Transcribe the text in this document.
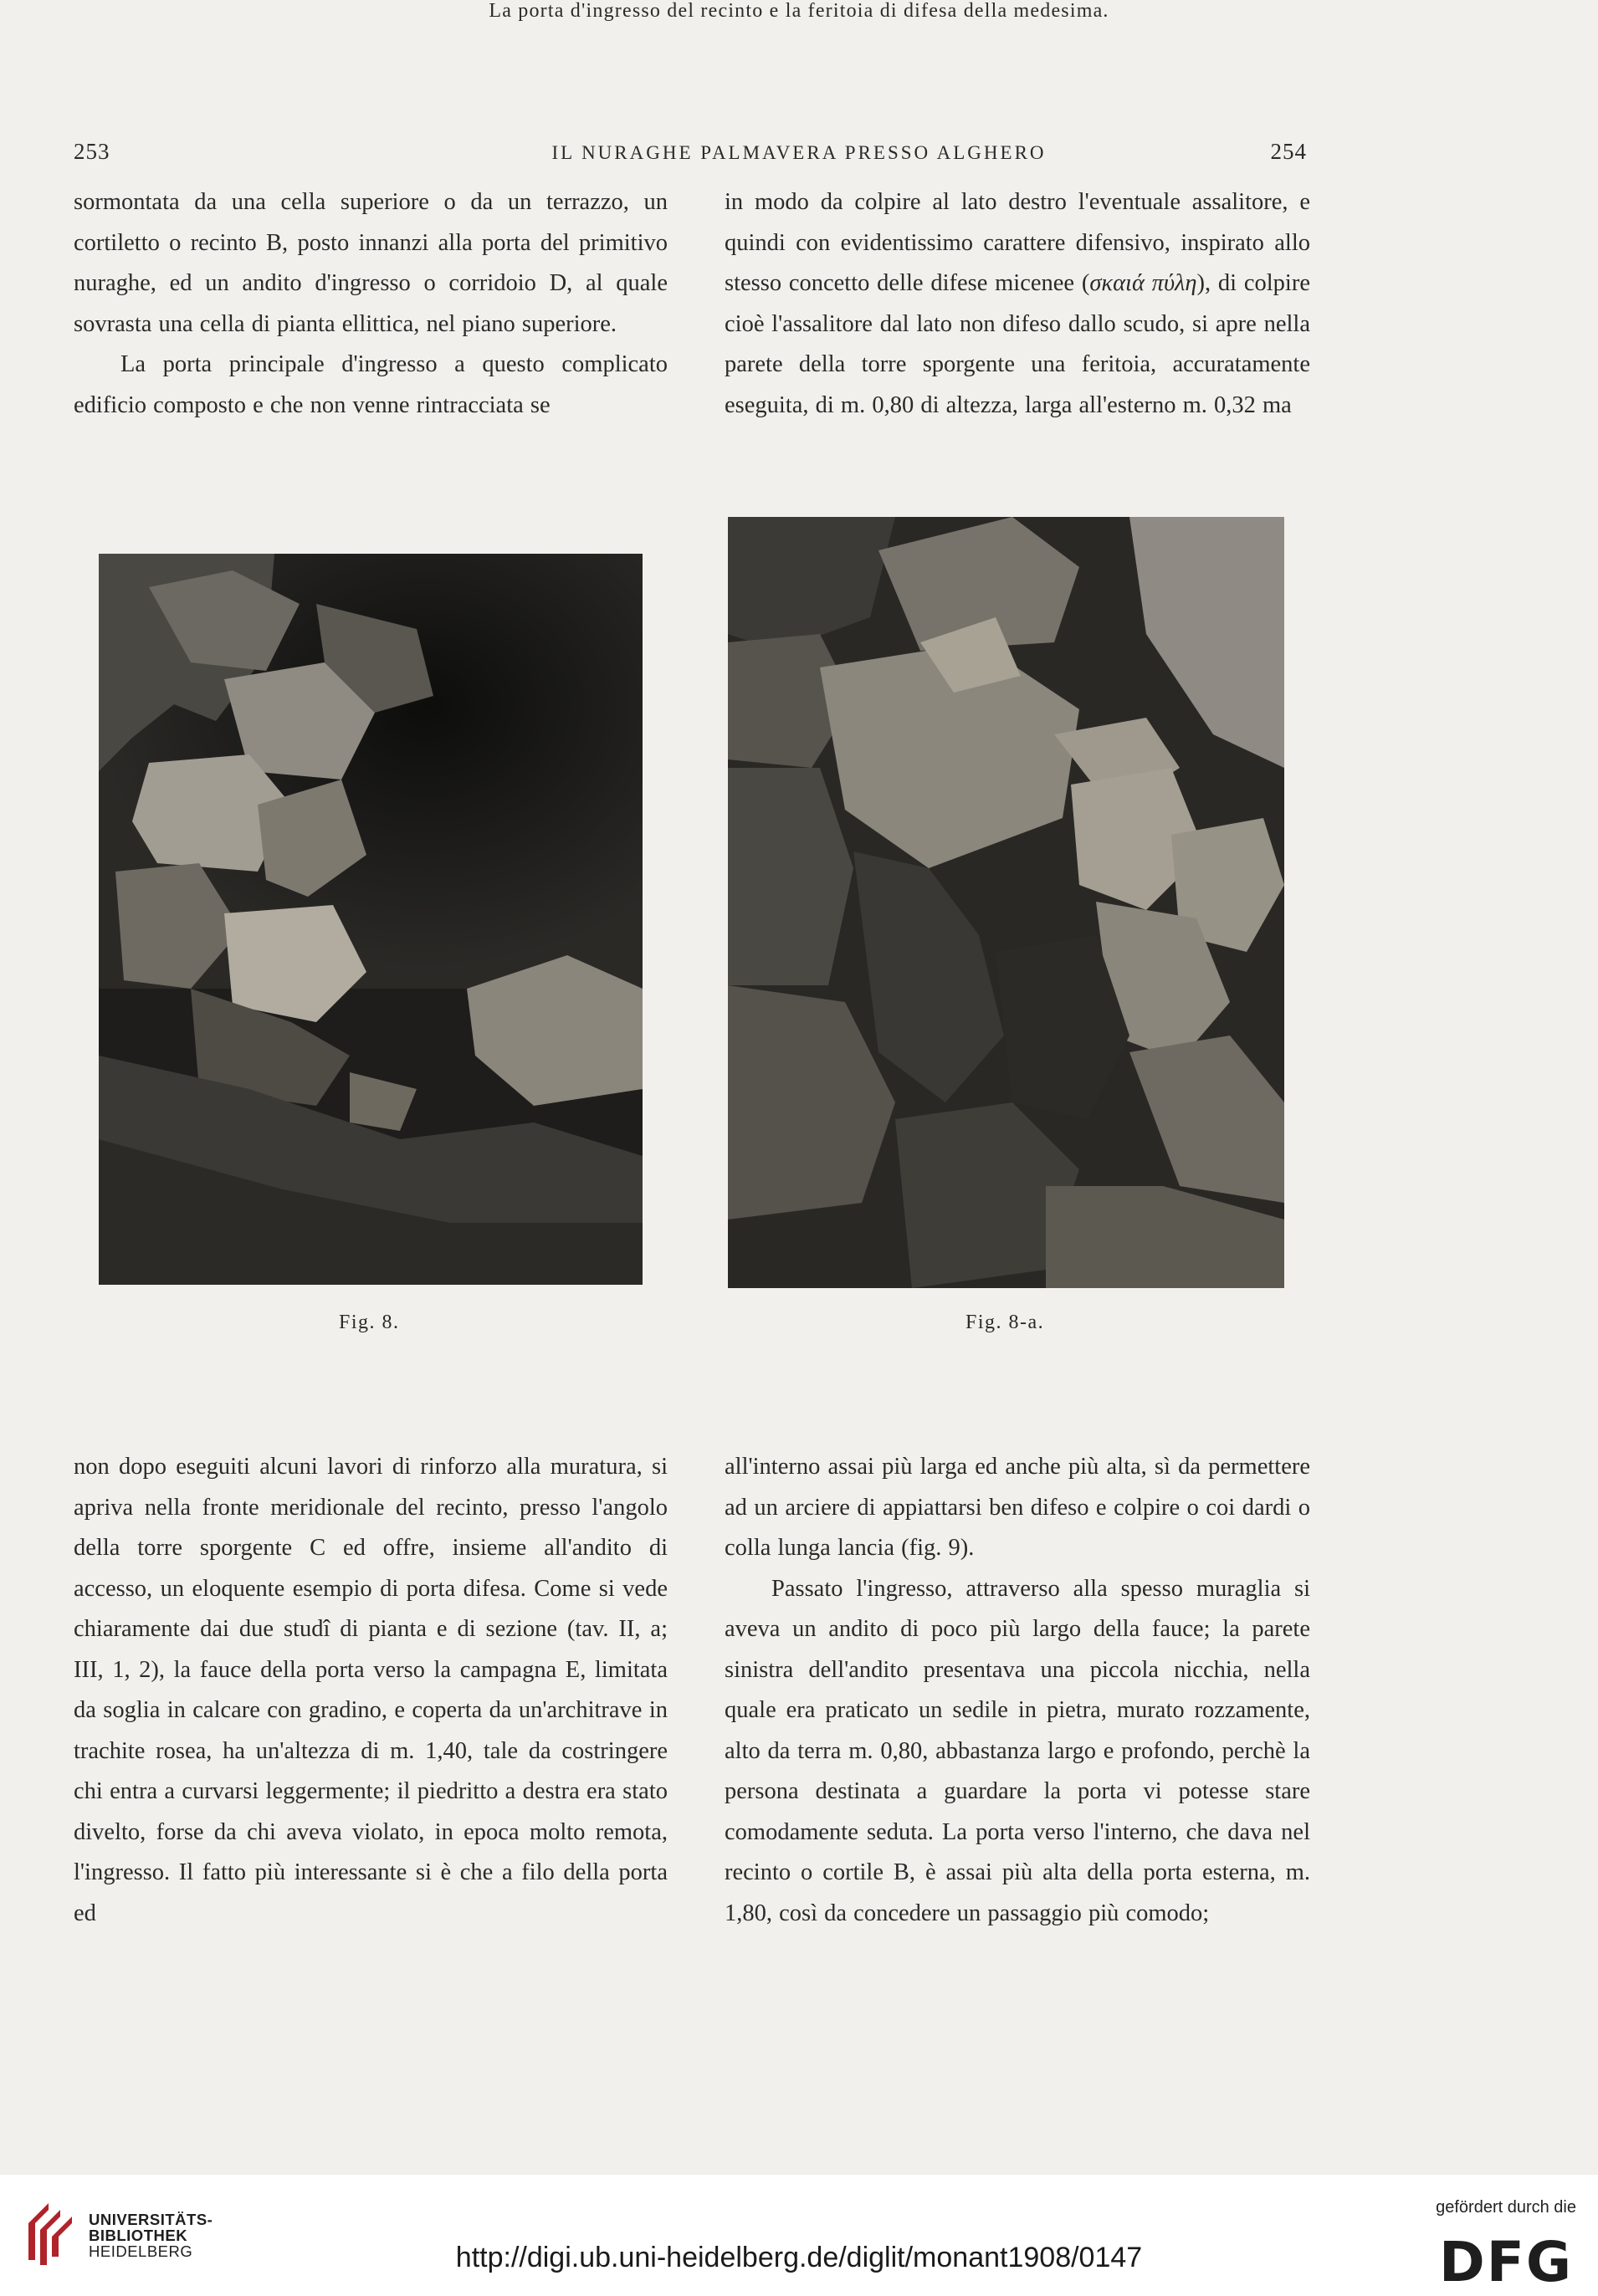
253	IL NURAGHE PALMAVERA PRESSO ALGHERO	254

sormontata da una cella superiore o da un terrazzo, un cortiletto o recinto B, posto innanzi alla porta del primitivo nuraghe, ed un andito d'ingresso o corridoio D, al quale sovrasta una cella di pianta ellittica, nel piano superiore.

La porta principale d'ingresso a questo complicato edificio composto e che non venne rintracciata se

in modo da colpire al lato destro l'eventuale assalitore, e quindi con evidentissimo carattere difensivo, inspirato allo stesso concetto delle difese micenee (σκαιά πύλη), di colpire cioè l'assalitore dal lato non difeso dallo scudo, si apre nella parete della torre sporgente una feritoia, accuratamente eseguita, di m. 0,80 di altezza, larga all'esterno m. 0,32 ma

Fig. 8.	Fig. 8-a.
La porta d'ingresso del recinto e la feritoia di difesa della medesima.

non dopo eseguiti alcuni lavori di rinforzo alla muratura, si apriva nella fronte meridionale del recinto, presso l'angolo della torre sporgente C ed offre, insieme all'andito di accesso, un eloquente esempio di porta difesa. Come si vede chiaramente dai due studî di pianta e di sezione (tav. II, a; III, 1, 2), la fauce della porta verso la campagna E, limitata da soglia in calcare con gradino, e coperta da un'architrave in trachite rosea, ha un'altezza di m. 1,40, tale da costringere chi entra a curvarsi leggermente; il piedritto a destra era stato divelto, forse da chi aveva violato, in epoca molto remota, l'ingresso. Il fatto più interessante si è che a filo della porta ed

all'interno assai più larga ed anche più alta, sì da permettere ad un arciere di appiattarsi ben difeso e colpire o coi dardi o colla lunga lancia (fig. 9).

Passato l'ingresso, attraverso alla spesso muraglia si aveva un andito di poco più largo della fauce; la parete sinistra dell'andito presentava una piccola nicchia, nella quale era praticato un sedile in pietra, murato rozzamente, alto da terra m. 0,80, abbastanza largo e profondo, perchè la persona destinata a guardare la porta vi potesse stare comodamente seduta. La porta verso l'interno, che dava nel recinto o cortile B, è assai più alta della porta esterna, m. 1,80, così da concedere un passaggio più comodo;

UNIVERSITÄTS-
BIBLIOTHEK
HEIDELBERG	http://digi.ub.uni-heidelberg.de/diglit/monant1908/0147
gefördert durch die
DFG
